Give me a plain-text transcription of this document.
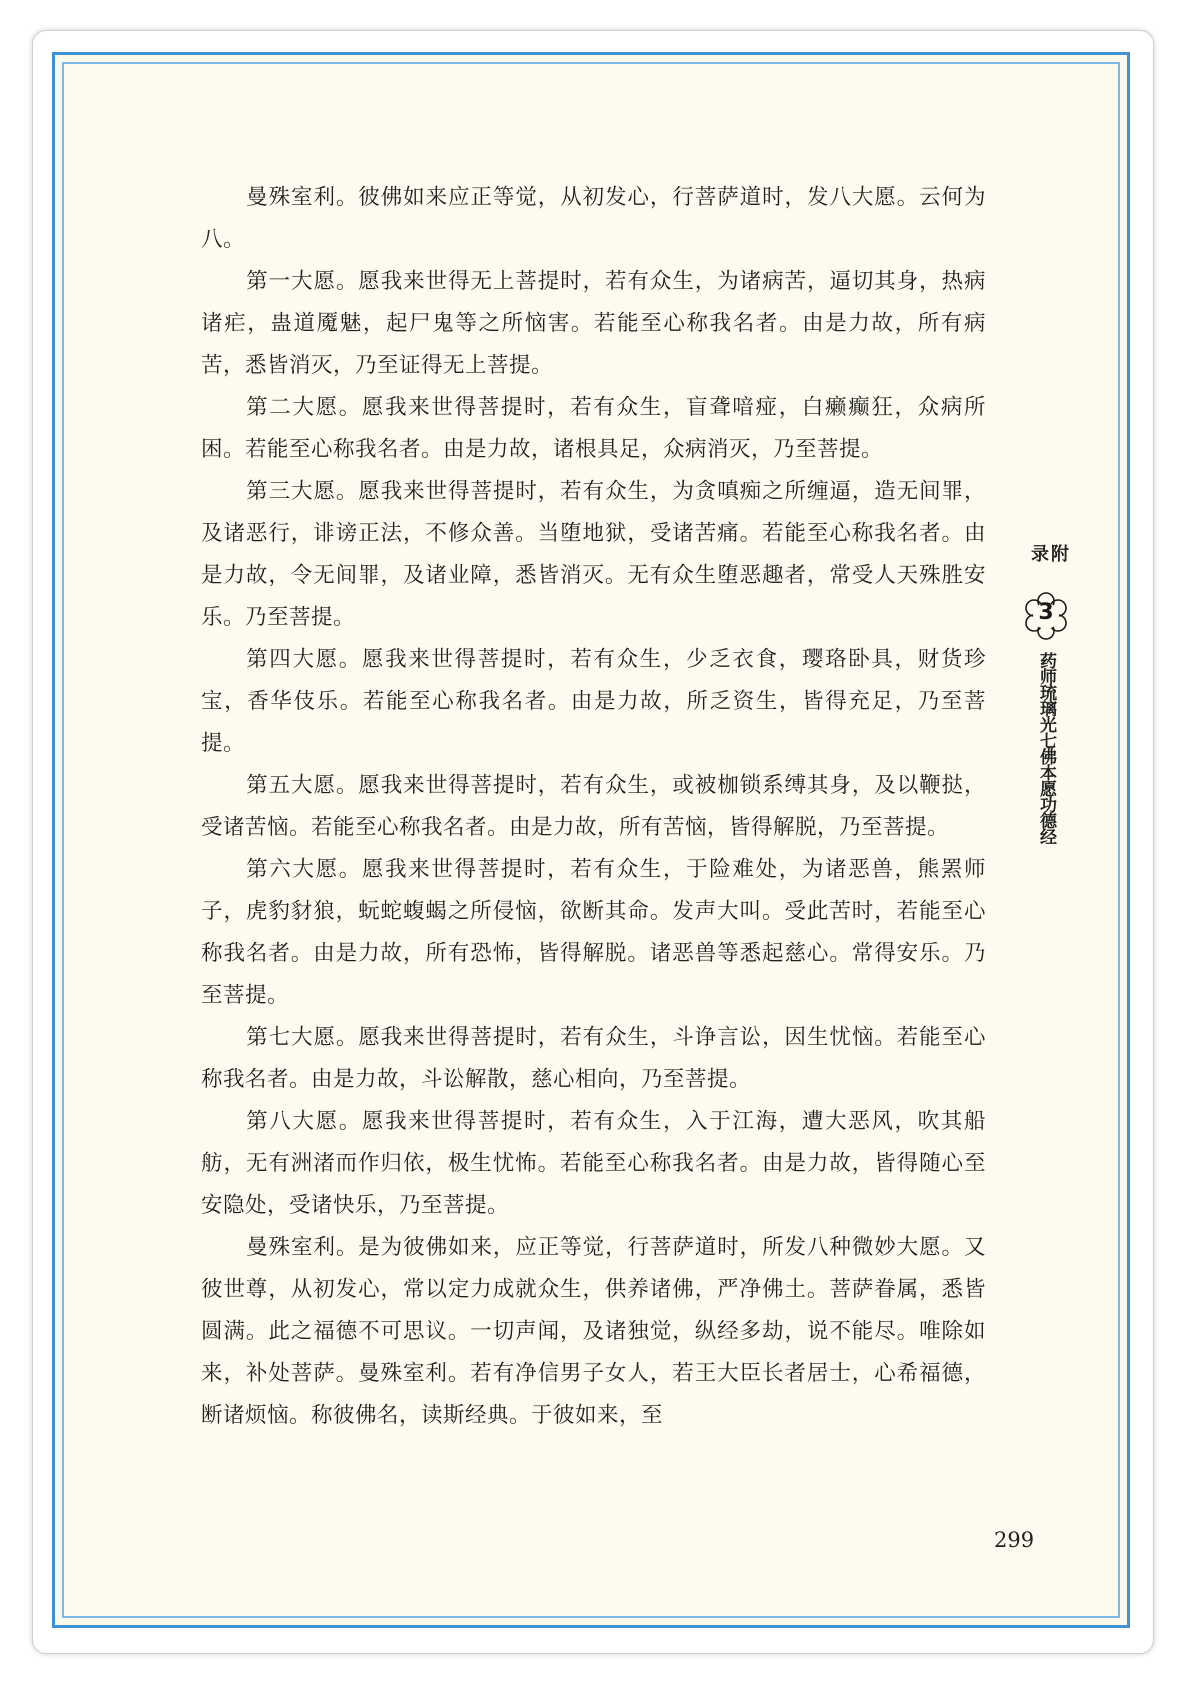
曼殊室利。彼佛如来应正等觉，从初发心，行菩萨道时，发八大愿。云何为八。

第一大愿。愿我来世得无上菩提时，若有众生，为诸病苦，逼切其身，热病诸疟，蛊道魇魅，起尸鬼等之所恼害。若能至心称我名者。由是力故，所有病苦，悉皆消灭，乃至证得无上菩提。

第二大愿。愿我来世得菩提时，若有众生，盲聋喑痖，白癞癫狂，众病所困。若能至心称我名者。由是力故，诸根具足，众病消灭，乃至菩提。

第三大愿。愿我来世得菩提时，若有众生，为贪嗔痴之所缠逼，造无间罪，及诸恶行，诽谤正法，不修众善。当堕地狱，受诸苦痛。若能至心称我名者。由是力故，令无间罪，及诸业障，悉皆消灭。无有众生堕恶趣者，常受人天殊胜安乐。乃至菩提。

第四大愿。愿我来世得菩提时，若有众生，少乏衣食，璎珞卧具，财货珍宝，香华伎乐。若能至心称我名者。由是力故，所乏资生，皆得充足，乃至菩提。

第五大愿。愿我来世得菩提时，若有众生，或被枷锁系缚其身，及以鞭挞，受诸苦恼。若能至心称我名者。由是力故，所有苦恼，皆得解脱，乃至菩提。

第六大愿。愿我来世得菩提时，若有众生，于险难处，为诸恶兽，熊罴师子，虎豹豺狼，蚖蛇蝮蝎之所侵恼，欲断其命。发声大叫。受此苦时，若能至心称我名者。由是力故，所有恐怖，皆得解脱。诸恶兽等悉起慈心。常得安乐。乃至菩提。

第七大愿。愿我来世得菩提时，若有众生，斗诤言讼，因生忧恼。若能至心称我名者。由是力故，斗讼解散，慈心相向，乃至菩提。

第八大愿。愿我来世得菩提时，若有众生，入于江海，遭大恶风，吹其船舫，无有洲渚而作归依，极生忧怖。若能至心称我名者。由是力故，皆得随心至安隐处，受诸快乐，乃至菩提。

曼殊室利。是为彼佛如来，应正等觉，行菩萨道时，所发八种微妙大愿。又彼世尊，从初发心，常以定力成就众生，供养诸佛，严净佛土。菩萨眷属，悉皆圆满。此之福德不可思议。一切声闻，及诸独觉，纵经多劫，说不能尽。唯除如来，补处菩萨。曼殊室利。若有净信男子女人，若王大臣长者居士，心希福德，断诸烦恼。称彼佛名，读斯经典。于彼如来，至

附录
3
药师琉璃光七佛本愿功德经
299
